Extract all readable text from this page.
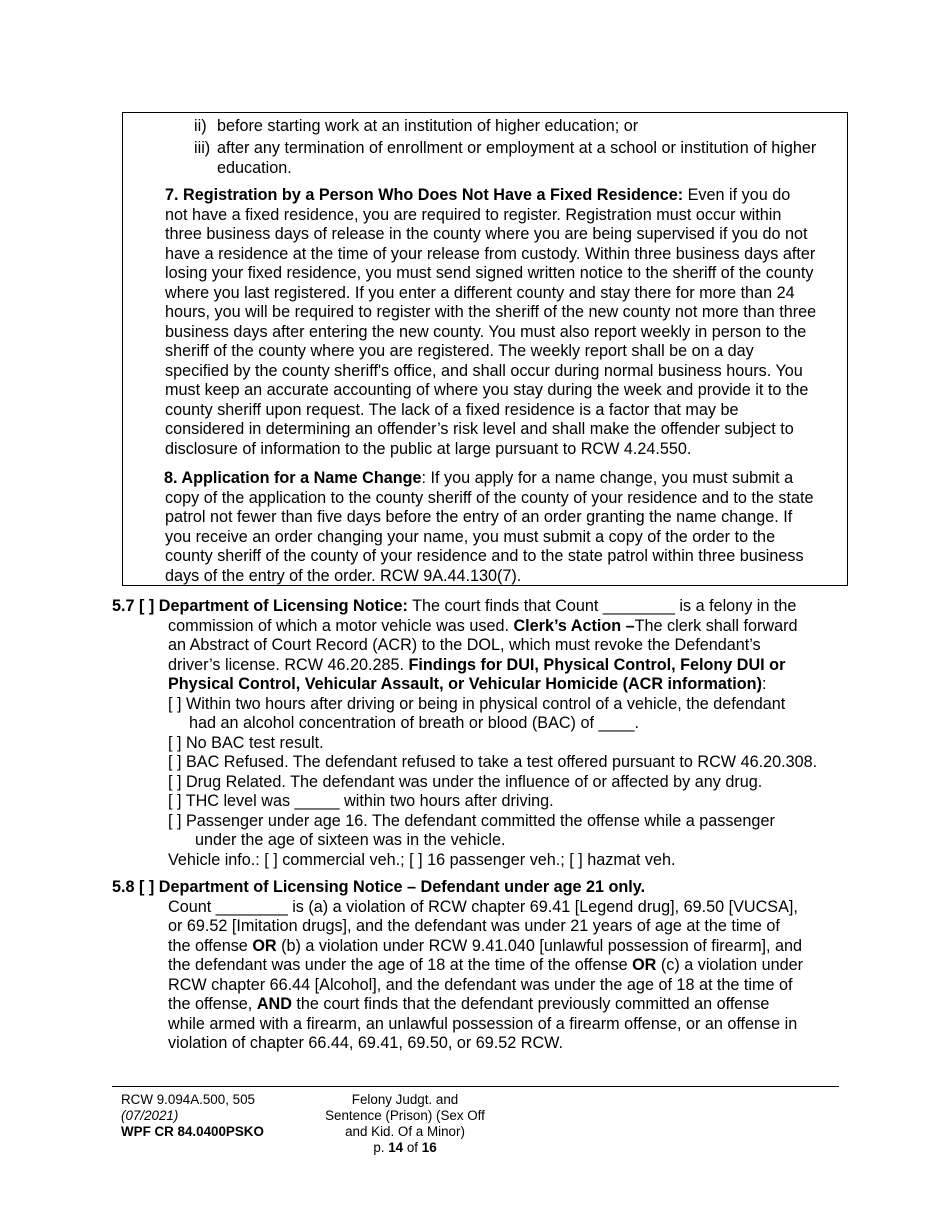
ii) before starting work at an institution of higher education; or
iii) after any termination of enrollment or employment at a school or institution of higher
education.
7. Registration by a Person Who Does Not Have a Fixed Residence: Even if you do
not have a fixed residence, you are required to register. Registration must occur within
three business days of release in the county where you are being supervised if you do not
have a residence at the time of your release from custody. Within three business days after
losing your fixed residence, you must send signed written notice to the sheriff of the county
where you last registered. If you enter a different county and stay there for more than 24
hours, you will be required to register with the sheriff of the new county not more than three
business days after entering the new county. You must also report weekly in person to the
sheriff of the county where you are registered. The weekly report shall be on a day
specified by the county sheriff's office, and shall occur during normal business hours. You
must keep an accurate accounting of where you stay during the week and provide it to the
county sheriff upon request. The lack of a fixed residence is a factor that may be
considered in determining an offender’s risk level and shall make the offender subject to
disclosure of information to the public at large pursuant to RCW 4.24.550.
8. Application for a Name Change: If you apply for a name change, you must submit a
copy of the application to the county sheriff of the county of your residence and to the state
patrol not fewer than five days before the entry of an order granting the name change. If
you receive an order changing your name, you must submit a copy of the order to the
county sheriff of the county of your residence and to the state patrol within three business
days of the entry of the order. RCW 9A.44.130(7).
5.7 [ ] Department of Licensing Notice: The court finds that Count ________ is a felony in the
commission of which a motor vehicle was used. Clerk’s Action –The clerk shall forward
an Abstract of Court Record (ACR) to the DOL, which must revoke the Defendant’s
driver’s license. RCW 46.20.285. Findings for DUI, Physical Control, Felony DUI or
Physical Control, Vehicular Assault, or Vehicular Homicide (ACR information):
[ ] Within two hours after driving or being in physical control of a vehicle, the defendant
had an alcohol concentration of breath or blood (BAC) of ____.
[ ] No BAC test result.
[ ] BAC Refused. The defendant refused to take a test offered pursuant to RCW 46.20.308.
[ ] Drug Related. The defendant was under the influence of or affected by any drug.
[ ] THC level was _____ within two hours after driving.
[ ] Passenger under age 16. The defendant committed the offense while a passenger
under the age of sixteen was in the vehicle.
Vehicle info.: [ ] commercial veh.; [ ] 16 passenger veh.; [ ] hazmat veh.
5.8 [ ] Department of Licensing Notice – Defendant under age 21 only.
Count ________ is (a) a violation of RCW chapter 69.41 [Legend drug], 69.50 [VUCSA],
or 69.52 [Imitation drugs], and the defendant was under 21 years of age at the time of
the offense OR (b) a violation under RCW 9.41.040 [unlawful possession of firearm], and
the defendant was under the age of 18 at the time of the offense OR (c) a violation under
RCW chapter 66.44 [Alcohol], and the defendant was under the age of 18 at the time of
the offense, AND the court finds that the defendant previously committed an offense
while armed with a firearm, an unlawful possession of a firearm offense, or an offense in
violation of chapter 66.44, 69.41, 69.50, or 69.52 RCW.
RCW 9.094A.500, 505
(07/2021)
WPF CR 84.0400PSKO
Felony Judgt. and
Sentence (Prison) (Sex Off
and Kid. Of a Minor)
p. 14 of 16
